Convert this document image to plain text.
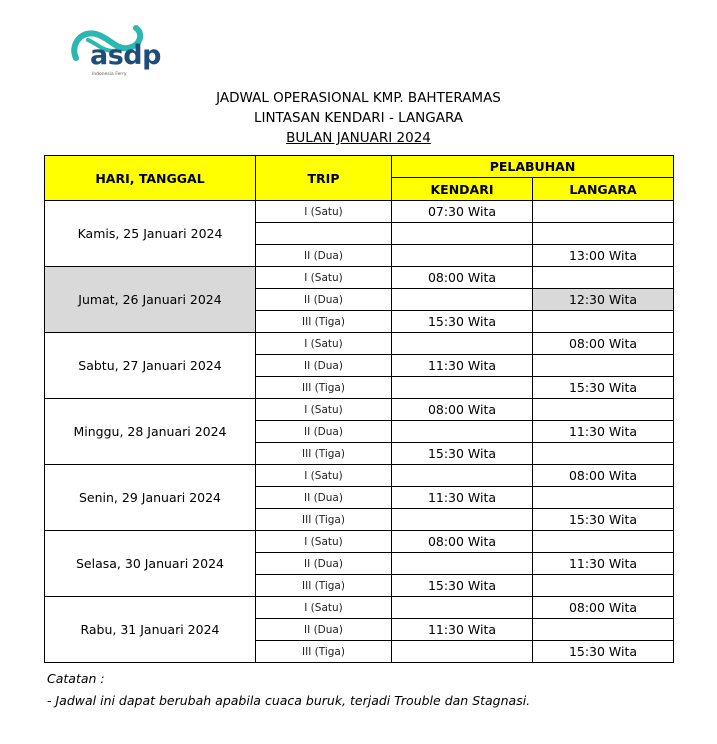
asdp
Indonesia Ferry
JADWAL OPERASIONAL KMP. BAHTERAMAS
LINTASAN KENDARI - LANGARA
BULAN JANUARI 2024
HARI, TANGGAL	TRIP	PELABUHAN	
		KENDARI	LANGARA
Kamis, 25 Januari 2024	I (Satu)	07:30 Wita	

	II (Dua)		13:00 Wita
Jumat, 26 Januari 2024	I (Satu)	08:00 Wita	
	II (Dua)		12:30 Wita
	III (Tiga)	15:30 Wita	
Sabtu, 27 Januari 2024	I (Satu)		08:00 Wita
	II (Dua)	11:30 Wita	
	III (Tiga)		15:30 Wita
Minggu, 28 Januari 2024	I (Satu)	08:00 Wita	
	II (Dua)		11:30 Wita
	III (Tiga)	15:30 Wita	
Senin, 29 Januari 2024	I (Satu)		08:00 Wita
	II (Dua)	11:30 Wita	
	III (Tiga)		15:30 Wita
Selasa, 30 Januari 2024	I (Satu)	08:00 Wita	
	II (Dua)		11:30 Wita
	III (Tiga)	15:30 Wita	
Rabu, 31 Januari 2024	I (Satu)		08:00 Wita
	II (Dua)	11:30 Wita	
	III (Tiga)		15:30 Wita
Catatan :
- Jadwal ini dapat berubah apabila cuaca buruk, terjadi Trouble dan Stagnasi.
